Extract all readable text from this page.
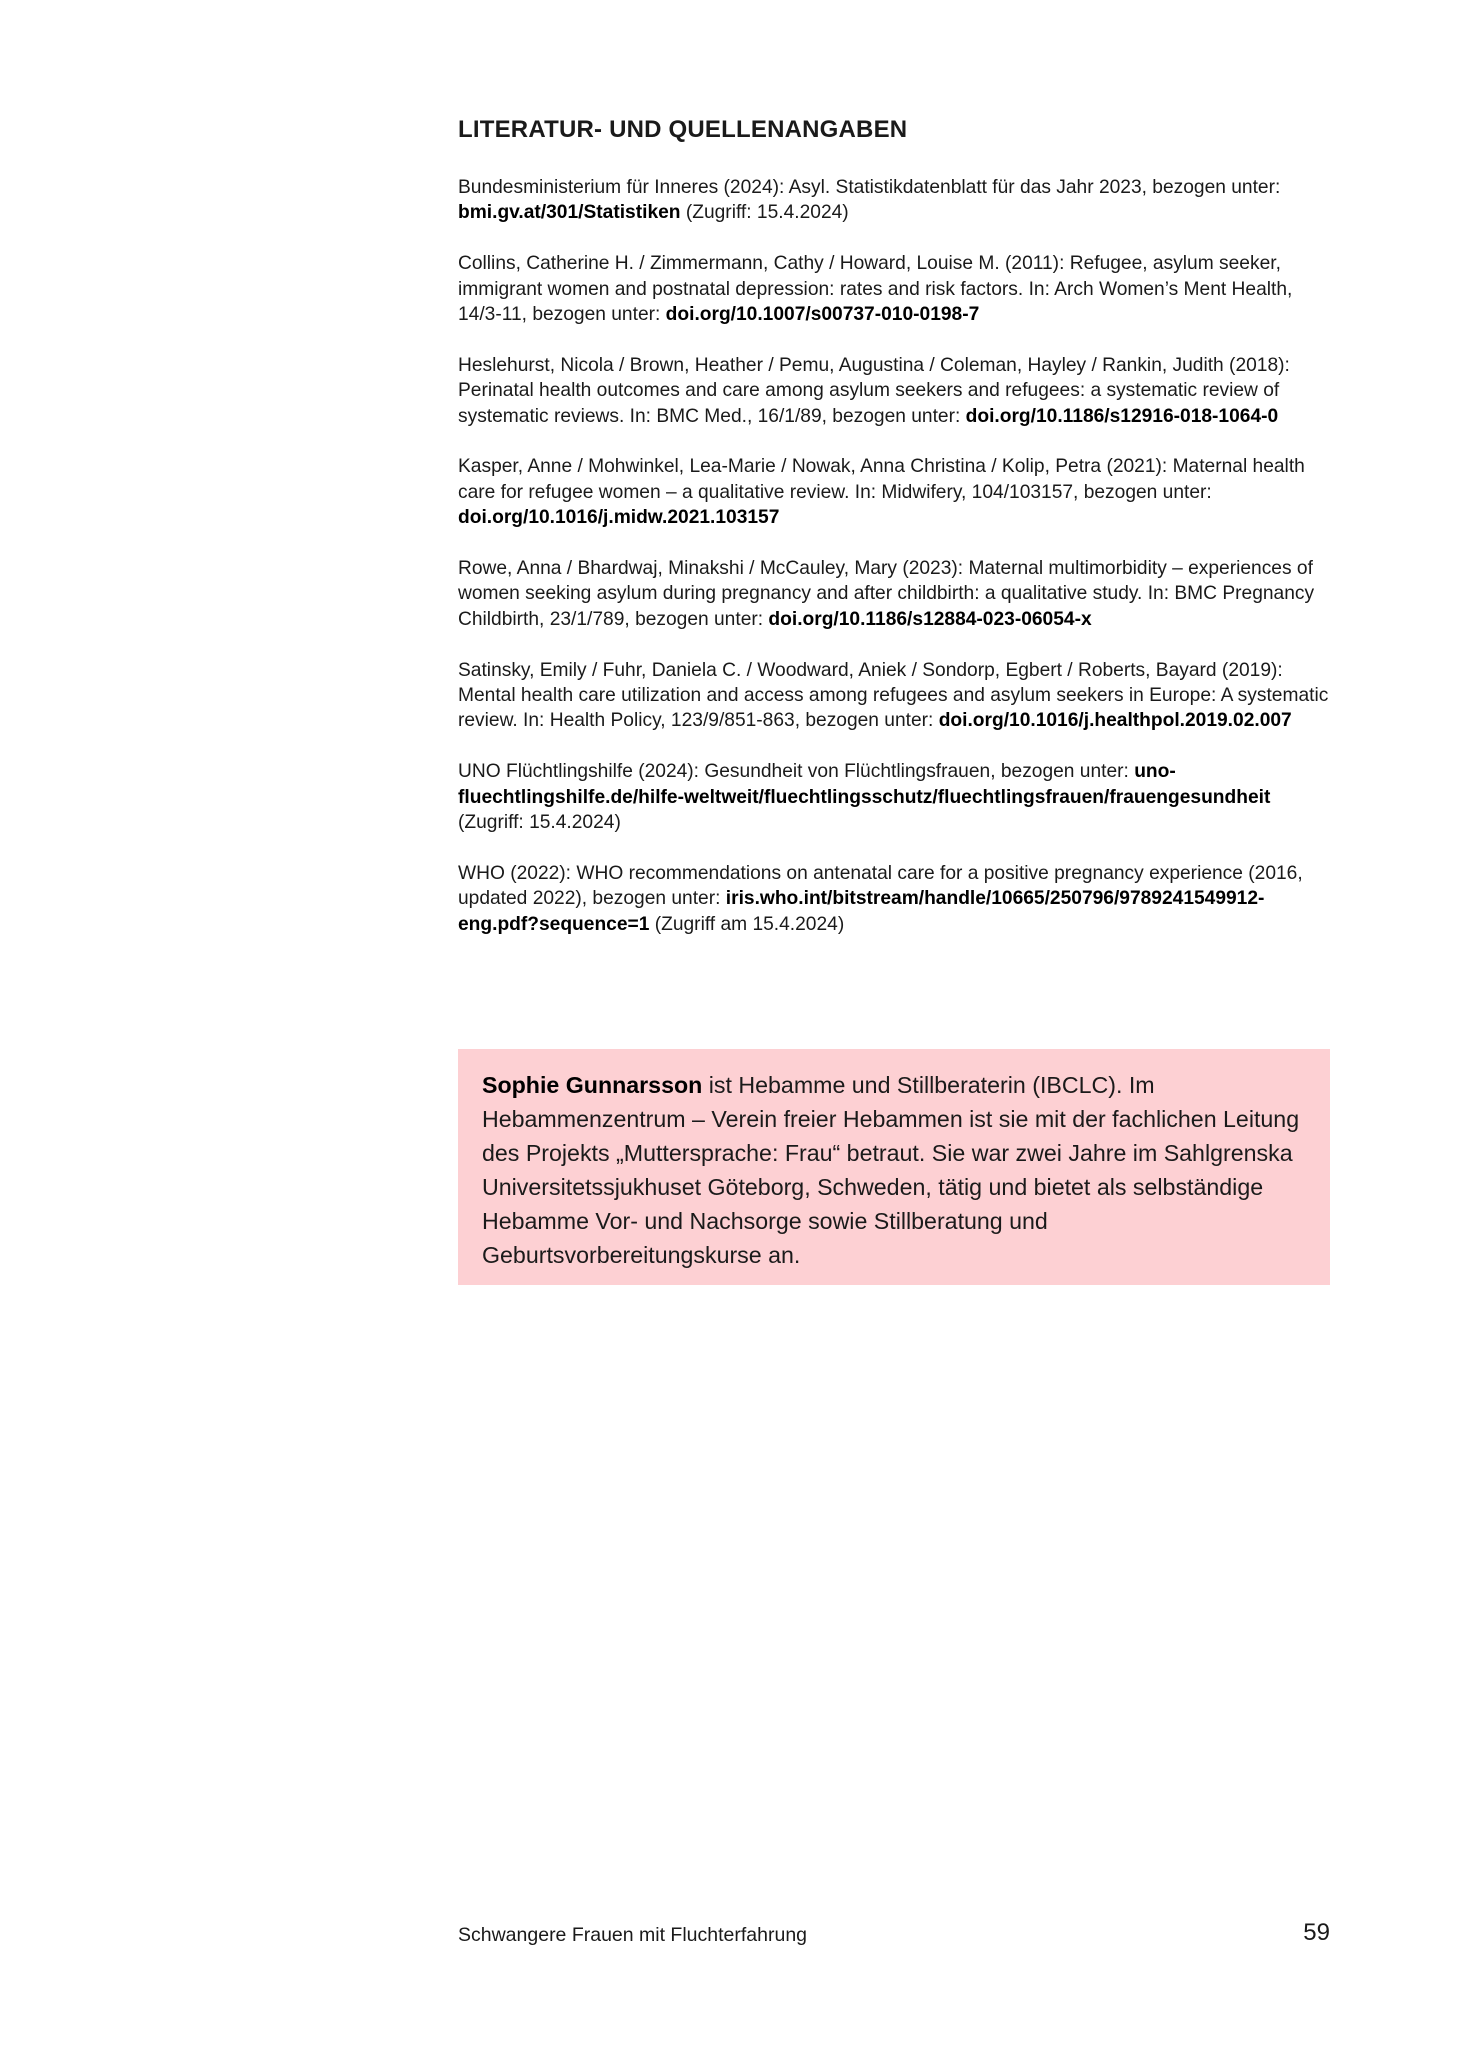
LITERATUR- UND QUELLENANGABEN

Bundesministerium für Inneres (2024): Asyl. Statistikdatenblatt für das Jahr 2023, bezogen unter: bmi.gv.at/301/Statistiken (Zugriff: 15.4.2024)

Collins, Catherine H. / Zimmermann, Cathy / Howard, Louise M. (2011): Refugee, asylum seeker, immigrant women and postnatal depression: rates and risk factors. In: Arch Women’s Ment Health, 14/3-11, bezogen unter: doi.org/10.1007/s00737-010-0198-7

Heslehurst, Nicola / Brown, Heather / Pemu, Augustina / Coleman, Hayley / Rankin, Judith (2018): Perinatal health outcomes and care among asylum seekers and refugees: a systematic review of systematic reviews. In: BMC Med., 16/1/89, bezogen unter: doi.org/10.1186/s12916-018-1064-0

Kasper, Anne / Mohwinkel, Lea-Marie / Nowak, Anna Christina / Kolip, Petra (2021): Maternal health care for refugee women – a qualitative review. In: Midwifery, 104/103157, bezogen unter: doi.org/10.1016/j.midw.2021.103157

Rowe, Anna / Bhardwaj, Minakshi / McCauley, Mary (2023): Maternal multimorbidity – experiences of women seeking asylum during pregnancy and after childbirth: a qualitative study. In: BMC Pregnancy Childbirth, 23/1/789, bezogen unter: doi.org/10.1186/s12884-023-06054-x

Satinsky, Emily / Fuhr, Daniela C. / Woodward, Aniek / Sondorp, Egbert / Roberts, Bayard (2019): Mental health care utilization and access among refugees and asylum seekers in Europe: A systematic review. In: Health Policy, 123/9/851-863, bezogen unter: doi.org/10.1016/j.healthpol.2019.02.007

UNO Flüchtlingshilfe (2024): Gesundheit von Flüchtlingsfrauen, bezogen unter: uno-fluechtlingshilfe.de/hilfe-weltweit/fluechtlingsschutz/fluechtlingsfrauen/frauengesundheit (Zugriff: 15.4.2024)

WHO (2022): WHO recommendations on antenatal care for a positive pregnancy experience (2016, updated 2022), bezogen unter: iris.who.int/bitstream/handle/10665/250796/9789241549912-eng.pdf?sequence=1 (Zugriff am 15.4.2024)

Sophie Gunnarsson ist Hebamme und Stillberaterin (IBCLC). Im Hebammenzentrum – Verein freier Hebammen ist sie mit der fachlichen Leitung des Projekts „Muttersprache: Frau“ betraut. Sie war zwei Jahre im Sahlgrenska Universitetssjukhuset Göteborg, Schweden, tätig und bietet als selbständige Hebamme Vor- und Nachsorge sowie Stillberatung und Geburtsvorbereitungskurse an.

Schwangere Frauen mit Fluchterfahrung	59
